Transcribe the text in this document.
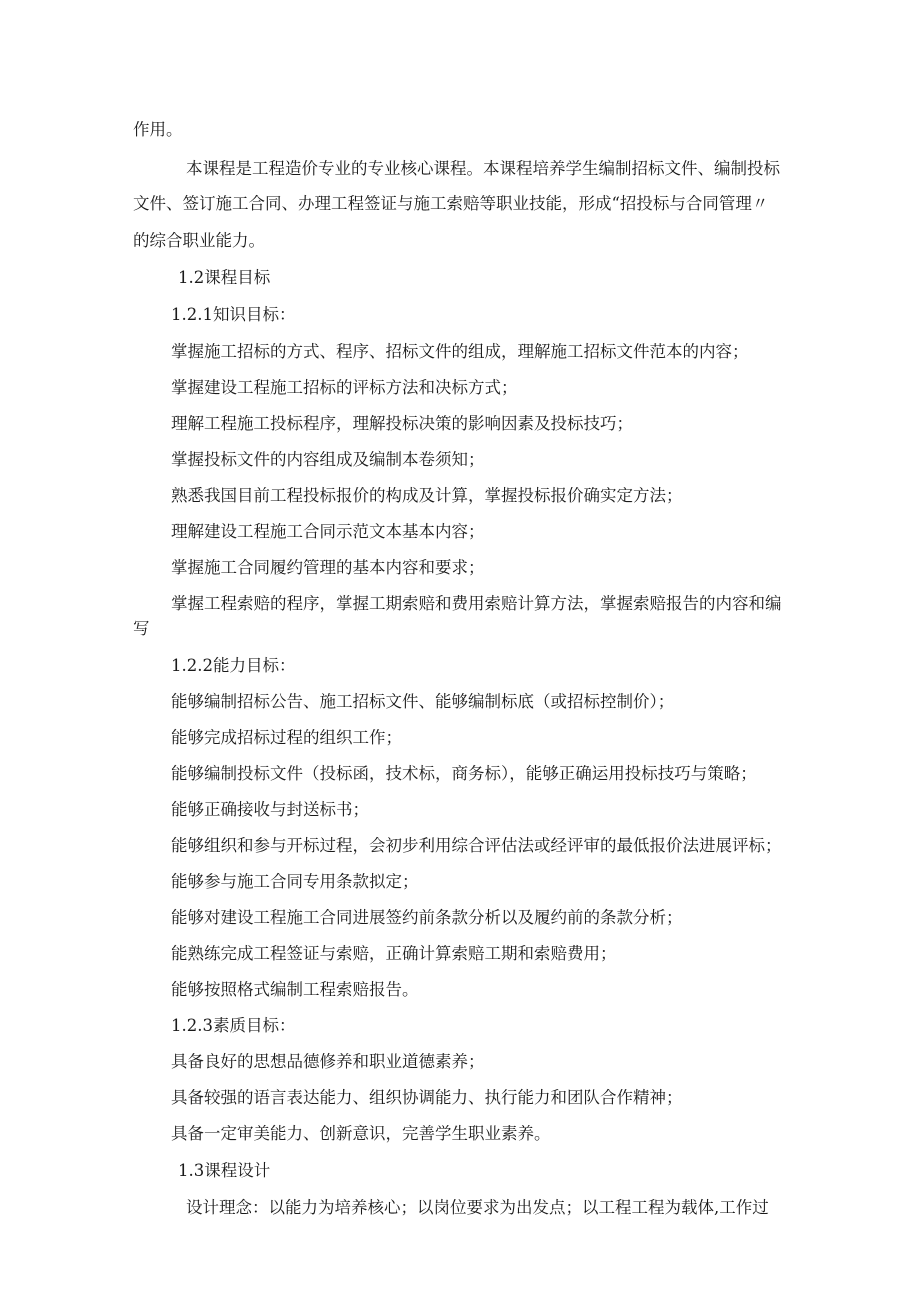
作用。

本课程是工程造价专业的专业核心课程。本课程培养学生编制招标文件、编制投标

文件、签订施工合同、办理工程签证与施工索赔等职业技能，形成“招投标与合同管理〃

的综合职业能力。

1.2课程目标

1.2.1知识目标：

掌握施工招标的方式、程序、招标文件的组成，理解施工招标文件范本的内容；

掌握建设工程施工招标的评标方法和决标方式；

理解工程施工投标程序，理解投标决策的影响因素及投标技巧；

掌握投标文件的内容组成及编制本卷须知；

熟悉我国目前工程投标报价的构成及计算，掌握投标报价确实定方法；

理解建设工程施工合同示范文本基本内容；

掌握施工合同履约管理的基本内容和要求；

掌握工程索赔的程序，掌握工期索赔和费用索赔计算方法，掌握索赔报告的内容和编

写

1.2.2能力目标：

能够编制招标公告、施工招标文件、能够编制标底（或招标控制价）；

能够完成招标过程的组织工作；

能够编制投标文件（投标函，技术标，商务标），能够正确运用投标技巧与策略；

能够正确接收与封送标书；

能够组织和参与开标过程，会初步利用综合评估法或经评审的最低报价法进展评标；

能够参与施工合同专用条款拟定；

能够对建设工程施工合同进展签约前条款分析以及履约前的条款分析；

能熟练完成工程签证与索赔，正确计算索赔工期和索赔费用；

能够按照格式编制工程索赔报告。

1.2.3素质目标：

具备良好的思想品德修养和职业道德素养；

具备较强的语言表达能力、组织协调能力、执行能力和团队合作精神；

具备一定审美能力、创新意识，完善学生职业素养。

1.3课程设计

设计理念：以能力为培养核心；以岗位要求为出发点；以工程工程为载体,工作过
